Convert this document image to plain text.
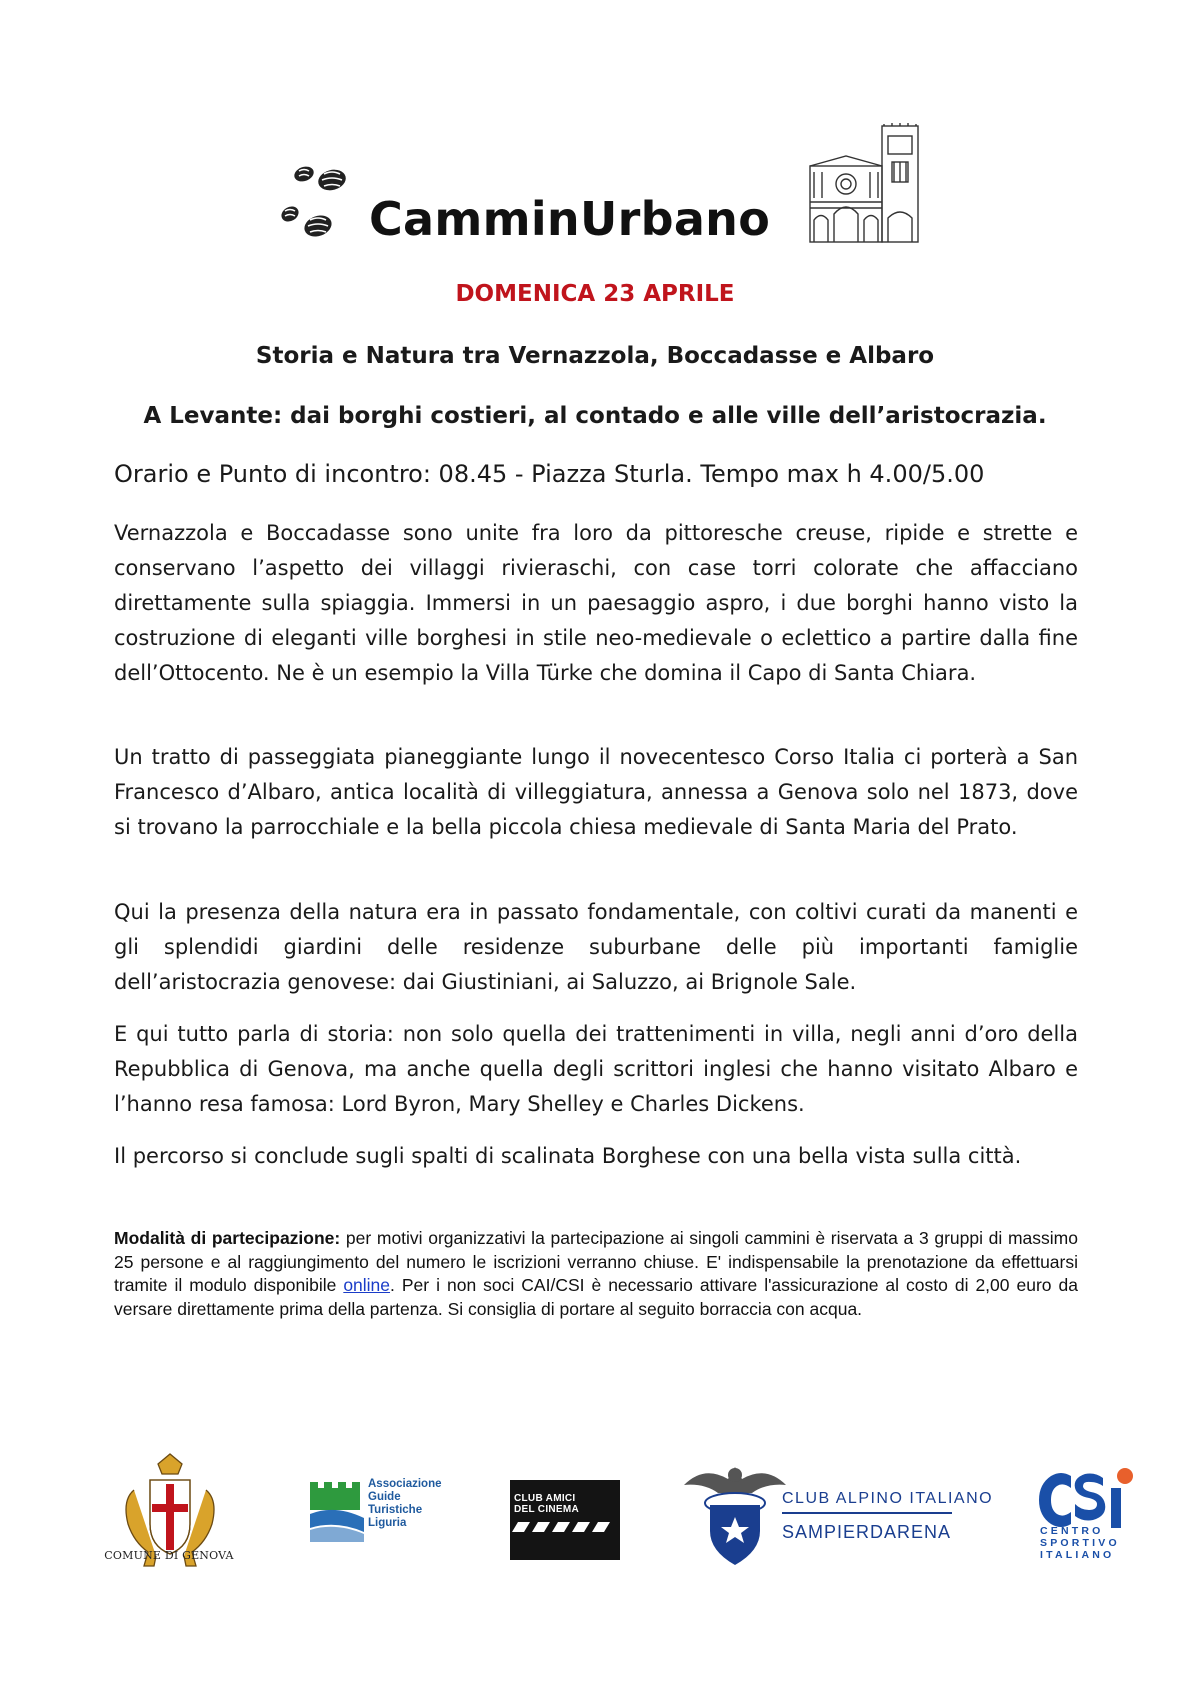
CamminUrbano
DOMENICA 23 APRILE
Storia e Natura tra Vernazzola, Boccadasse e Albaro
A Levante: dai borghi costieri, al contado e alle ville dell’aristocrazia.
Orario e Punto di incontro: 08.45 - Piazza Sturla. Tempo max h 4.00/5.00

Vernazzola e Boccadasse sono unite fra loro da pittoresche creuse, ripide e strette e conservano l’aspetto dei villaggi rivieraschi, con case torri colorate che affacciano direttamente sulla spiaggia. Immersi in un paesaggio aspro, i due borghi hanno visto la costruzione di eleganti ville borghesi in stile neo-medievale o eclettico a partire dalla fine dell’Ottocento. Ne è un esempio la Villa Türke che domina il Capo di Santa Chiara.

Un tratto di passeggiata pianeggiante lungo il novecentesco Corso Italia ci porterà a San Francesco d’Albaro, antica località di villeggiatura, annessa a Genova solo nel 1873, dove si trovano la parrocchiale e la bella piccola chiesa medievale di Santa Maria del Prato.

Qui la presenza della natura era in passato fondamentale, con coltivi curati da manenti e gli splendidi giardini delle residenze suburbane delle più importanti famiglie dell’aristocrazia genovese: dai Giustiniani, ai Saluzzo, ai Brignole Sale.

E qui tutto parla di storia: non solo quella dei trattenimenti in villa, negli anni d’oro della Repubblica di Genova, ma anche quella degli scrittori inglesi che hanno visitato Albaro e l’hanno resa famosa: Lord Byron, Mary Shelley e Charles Dickens.

Il percorso si conclude sugli spalti di scalinata Borghese con una bella vista sulla città.

Modalità di partecipazione: per motivi organizzativi la partecipazione ai singoli cammini è riservata a 3 gruppi di massimo 25 persone e al raggiungimento del numero le iscrizioni verranno chiuse. E' indispensabile la prenotazione da effettuarsi tramite il modulo disponibile online. Per i non soci CAI/CSI è necessario attivare l'assicurazione al costo di 2,00 euro da versare direttamente prima della partenza. Si consiglia di portare al seguito borraccia con acqua.

COMUNE DI GENOVA
Associazione
Guide
Turistiche
Liguria
CLUB AMICI
DEL CINEMA
CLUB ALPINO ITALIANO
SAMPIERDARENA	CENTRO
SPORTIVO
ITALIANO
